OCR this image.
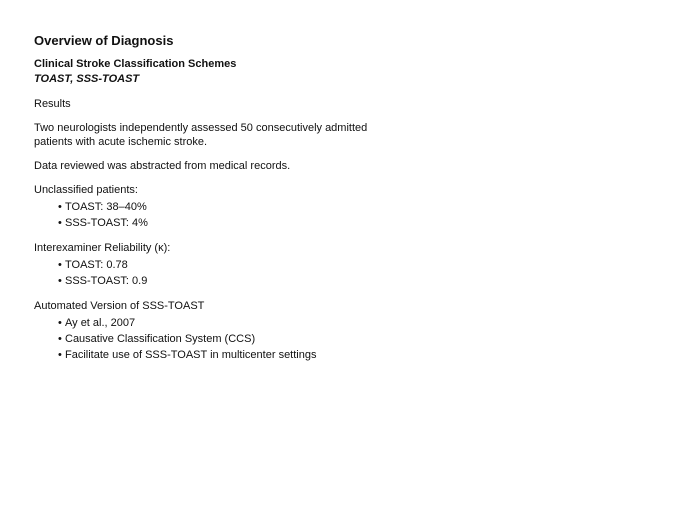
Overview of Diagnosis
Clinical Stroke Classification Schemes
TOAST, SSS-TOAST
Results
Two neurologists independently assessed 50 consecutively admitted patients with acute ischemic stroke.
Data reviewed was abstracted from medical records.
Unclassified patients:
• TOAST: 38–40%
• SSS-TOAST: 4%
Interexaminer Reliability (κ):
• TOAST: 0.78
• SSS-TOAST: 0.9
Automated Version of SSS-TOAST
• Ay et al., 2007
• Causative Classification System (CCS)
• Facilitate use of SSS-TOAST in multicenter settings
